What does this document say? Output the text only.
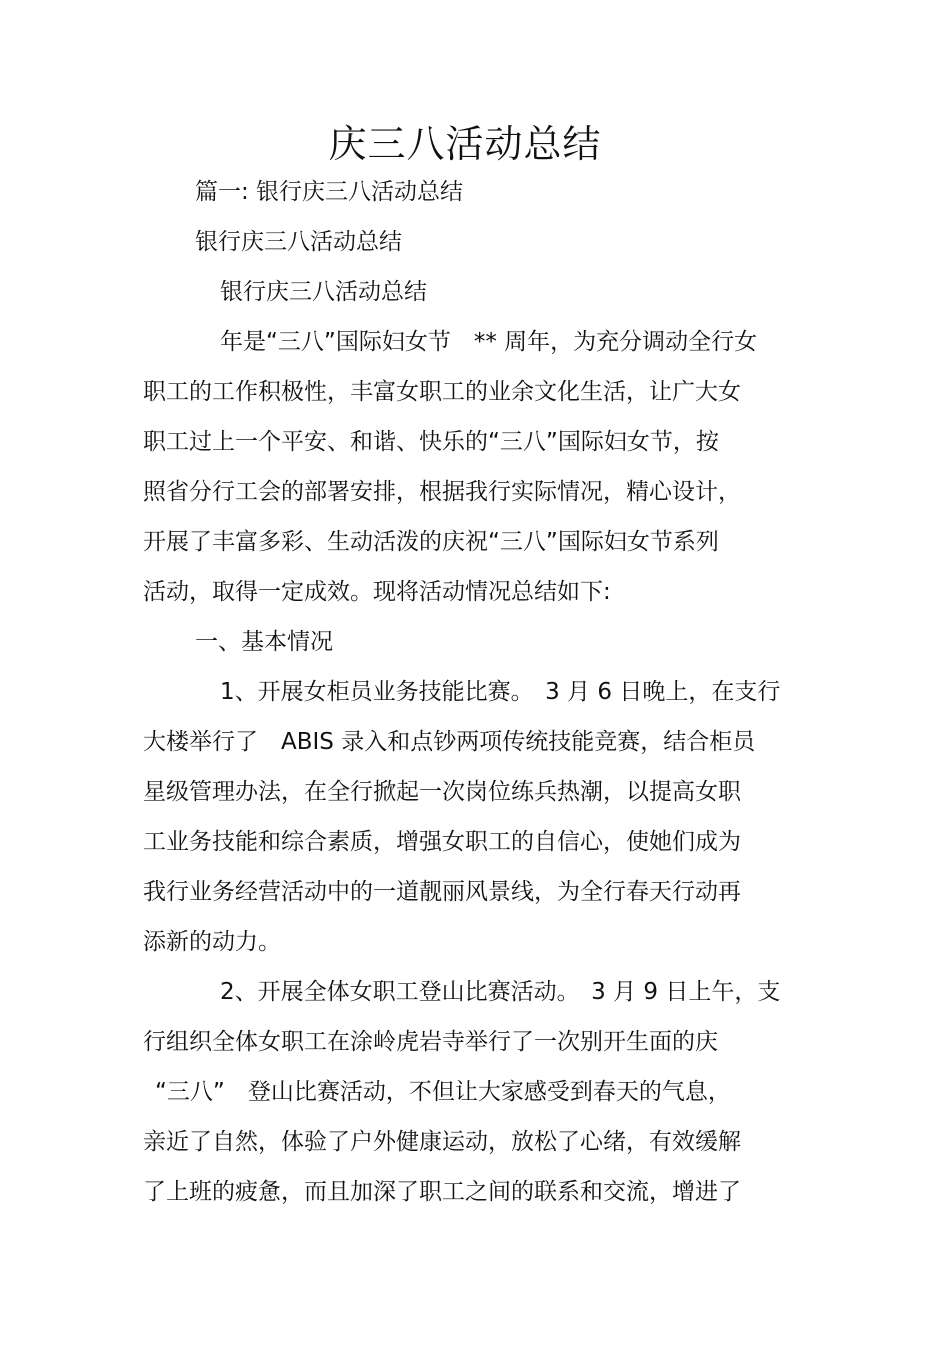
庆三八活动总结
篇一: 银行庆三八活动总结
银行庆三八活动总结
银行庆三八活动总结
年是“三八”国际妇女节　** 周年，为充分调动全行女
职工的工作积极性，丰富女职工的业余文化生活，让广大女
职工过上一个平安、和谐、快乐的“三八”国际妇女节，按
照省分行工会的部署安排，根据我行实际情况，精心设计，
开展了丰富多彩、生动活泼的庆祝“三八”国际妇女节系列
活动，取得一定成效。现将活动情况总结如下:
一、基本情况
1、开展女柜员业务技能比赛。　3 月 6 日晚上，在支行
大楼举行了　ABIS 录入和点钞两项传统技能竞赛，结合柜员
星级管理办法，在全行掀起一次岗位练兵热潮，以提高女职
工业务技能和综合素质，增强女职工的自信心，使她们成为
我行业务经营活动中的一道靓丽风景线，为全行春天行动再
添新的动力。
2、开展全体女职工登山比赛活动。　3 月 9 日上午，支
行组织全体女职工在涂岭虎岩寺举行了一次别开生面的庆
“三八”　登山比赛活动，不但让大家感受到春天的气息，
亲近了自然，体验了户外健康运动，放松了心绪，有效缓解
了上班的疲惫，而且加深了职工之间的联系和交流，增进了
